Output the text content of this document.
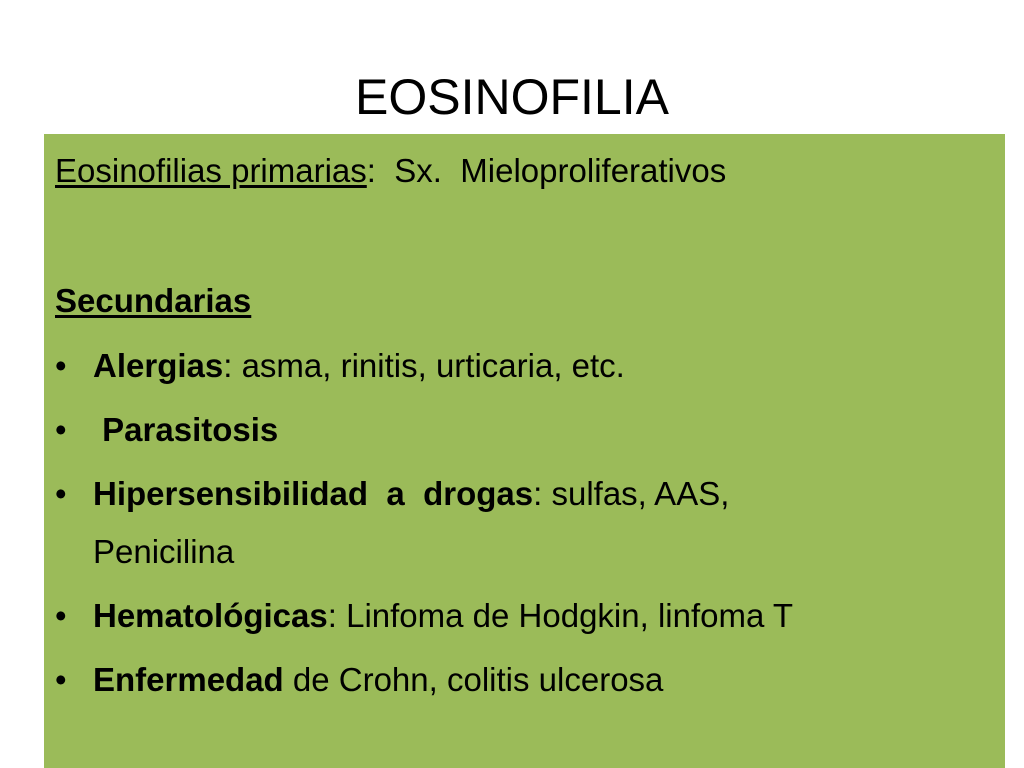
EOSINOFILIA
Eosinofilias primarias:  Sx.  Mieloproliferativos
Secundarias
• Alergias: asma, rinitis, urticaria, etc.
• Parasitosis
• Hipersensibilidad  a  drogas: sulfas, AAS,
Penicilina
• Hematológicas: Linfoma de Hodgkin, linfoma T
• Enfermedad de Crohn, colitis ulcerosa
